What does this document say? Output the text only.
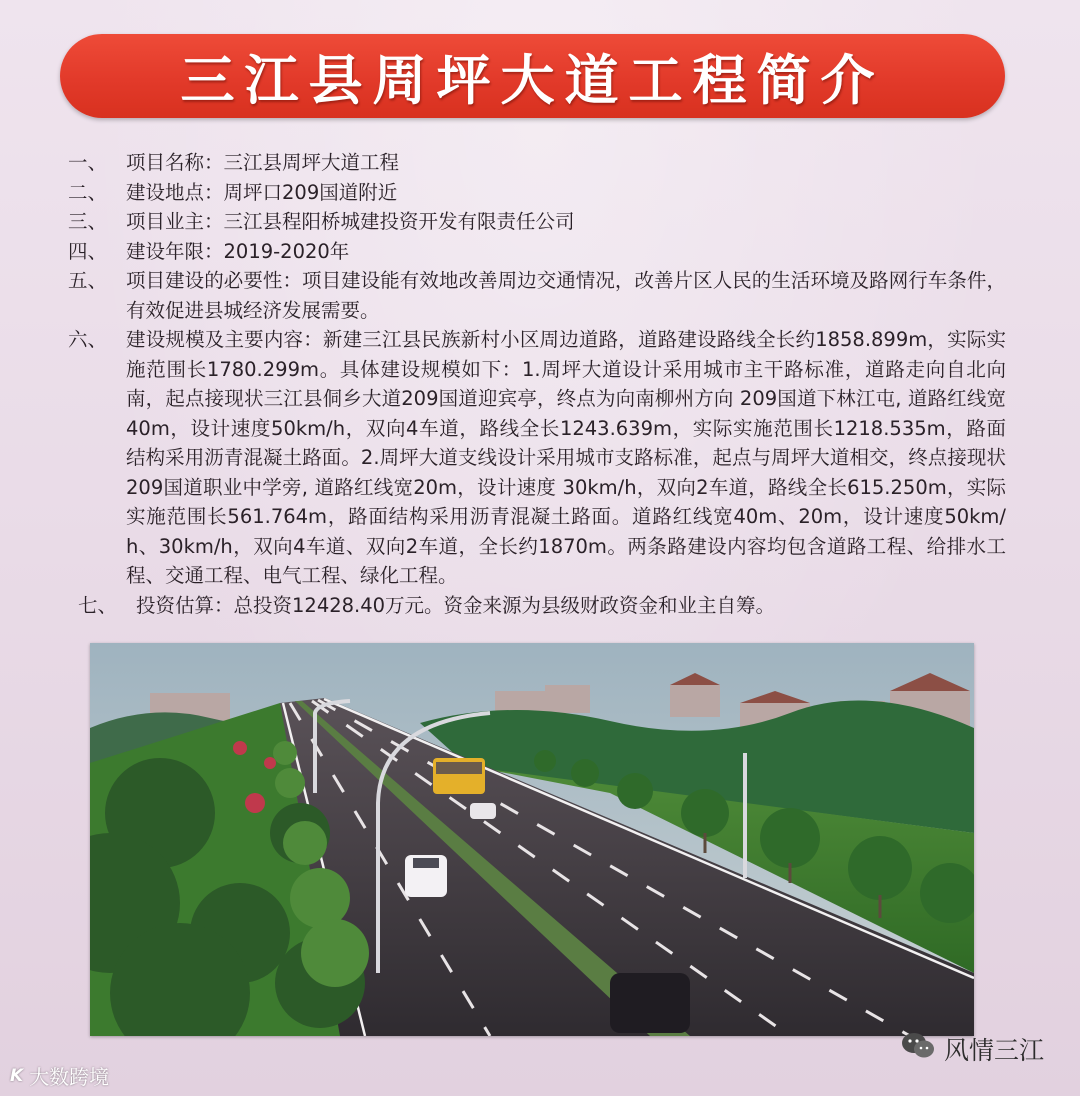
三江县周坪大道工程简介
一、 项目名称： 三江县周坪大道工程
二、 建设地点： 周坪口209国道附近
三、 项目业主： 三江县程阳桥城建投资开发有限责任公司
四、 建设年限： 2019-2020年
五、 项目建设的必要性：项目建设能有效地改善周边交通情况，改善片区人民的生活环境及路网行车条件，有效促进县城经济发展需要。
六、 建设规模及主要内容：新建三江县民族新村小区周边道路，道路建设路线全长约1858.899m，实际实施范围长1780.299m。具体建设规模如下：1.周坪大道设计采用城市主干路标准，道路走向自北向南，起点接现状三江县侗乡大道209国道迎宾亭，终点为向南柳州方向 209国道下林江屯, 道路红线宽40m，设计速度50km/h，双向4车道，路线全长1243.639m，实际实施范围长1218.535m，路面结构采用沥青混凝土路面。2.周坪大道支线设计采用城市支路标准，起点与周坪大道相交，终点接现状209国道职业中学旁, 道路红线宽20m，设计速度 30km/h，双向2车道，路线全长615.250m，实际实施范围长561.764m，路面结构采用沥青混凝土路面。道路红线宽40m、20m，设计速度50km/h、30km/h，双向4车道、双向2车道，全长约1870m。两条路建设内容均包含道路工程、给排水工程、交通工程、电气工程、绿化工程。
七、 投资估算： 总投资12428.40万元。资金来源为县级财政资金和业主自筹。
K 大数跨境
风情三江
